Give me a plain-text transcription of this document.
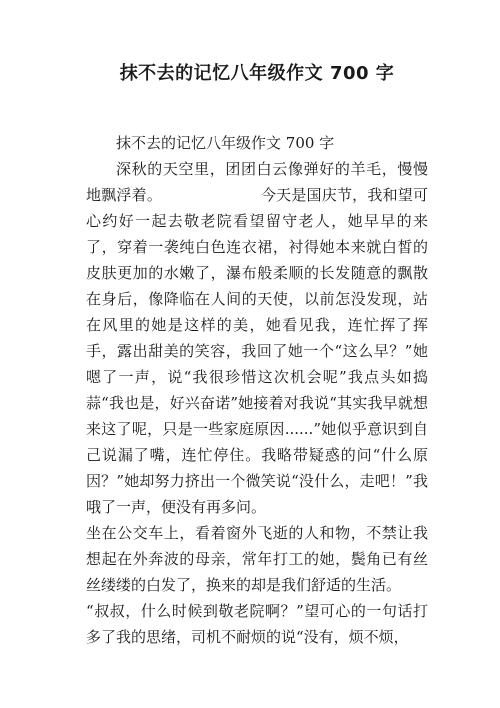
抹不去的记忆八年级作文 700 字

抹不去的记忆八年级作文 700 字

深秋的天空里，团团白云像弹好的羊毛，慢慢地飘浮着。　　　　　　　今天是国庆节，我和望可心约好一起去敬老院看望留守老人，她早早的来了，穿着一袭纯白色连衣裙，衬得她本来就白皙的皮肤更加的水嫩了，瀑布般柔顺的长发随意的飘散在身后，像降临在人间的天使，以前怎没发现，站在风里的她是这样的美，她看见我，连忙挥了挥手，露出甜美的笑容，我回了她一个“这么早？”她嗯了一声，说“我很珍惜这次机会呢”我点头如捣蒜“我也是，好兴奋诺”她接着对我说“其实我早就想来这了呢，只是一些家庭原因......”她似乎意识到自己说漏了嘴，连忙停住。我略带疑惑的问“什么原因？”她却努力挤出一个微笑说“没什么，走吧！”我哦了一声，便没有再多问。

坐在公交车上，看着窗外飞逝的人和物，不禁让我想起在外奔波的母亲，常年打工的她，鬓角已有丝丝缕缕的白发了，换来的却是我们舒适的生活。

“叔叔，什么时候到敬老院啊？”望可心的一句话打多了我的思绪，司机不耐烦的说“没有，烦不烦，
